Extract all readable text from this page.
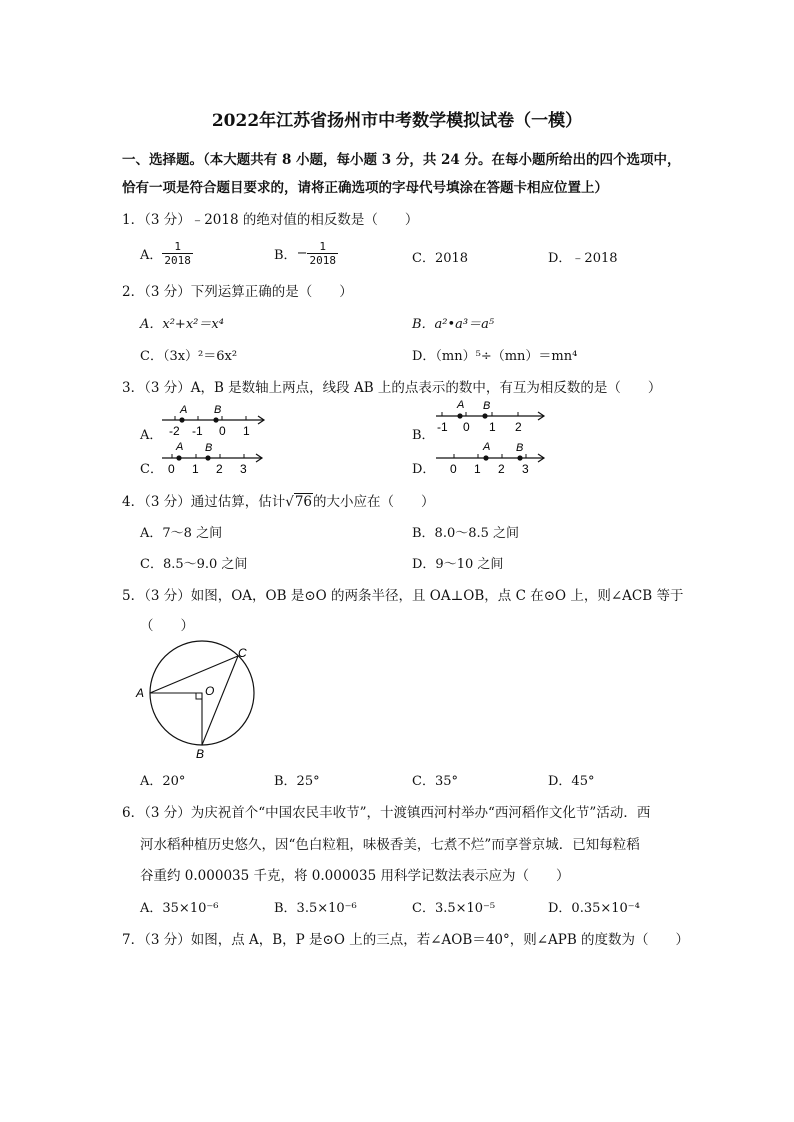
2022年江苏省扬州市中考数学模拟试卷（一模）
一、选择题。（本大题共有 8 小题，每小题 3 分，共 24 分。在每小题所给出的四个选项中，
恰有一项是符合题目要求的，请将正确选项的字母代号填涂在答题卡相应位置上）
1．（3 分）﹣2018 的绝对值的相反数是（　　）
A． $\frac{1}{2018}$	B． − $\frac{1}{2018}$	C．2018	D．﹣2018
2．（3 分）下列运算正确的是（　　）
A．x²+x²＝x⁴	B．a²•a³＝a⁵
C．（3x）²＝6x²	D．（mn）⁵÷（mn）＝mn⁴
3．（3 分）A，B 是数轴上两点，线段 AB 上的点表示的数中，有互为相反数的是（　　）
A．
A B
-2 -1 0 1	B．
A B
-1 0 1 2
C．
A B
0 1 2 3	D．
A B
0 1 2 3
4．（3 分）通过估算，估计√76的大小应在（　　）
A．7～8 之间	B．8.0～8.5 之间
C．8.5～9.0 之间	D．9～10 之间
5．（3 分）如图，OA，OB 是⊙O 的两条半径，且 OA⊥OB，点 C 在⊙O 上，则∠ACB 等于
（　　）
A
B
C
O
A．20°	B．25°	C．35°	D．45°
6．（3 分）为庆祝首个“中国农民丰收节”，十渡镇西河村举办“西河稻作文化节”活动．西
河水稻种植历史悠久，因“色白粒粗，味极香美，七煮不烂”而享誉京城．已知每粒稻
谷重约 0.000035 千克，将 0.000035 用科学记数法表示应为（　　）
A．35×10⁻⁶	B．3.5×10⁻⁶	C．3.5×10⁻⁵	D．0.35×10⁻⁴
7．（3 分）如图，点 A，B，P 是⊙O 上的三点，若∠AOB＝40°，则∠APB 的度数为（　　）
